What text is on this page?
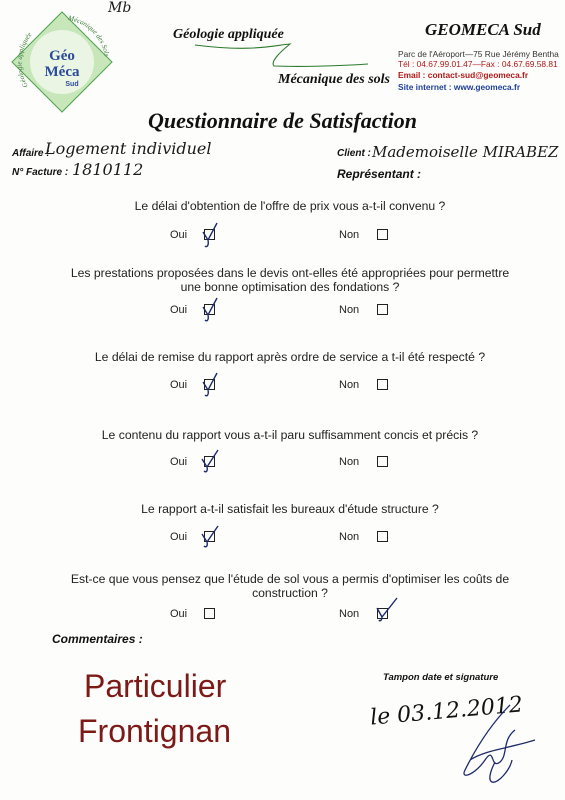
Géologie appliquée
Mécanique des Sols
Géo
Méca
Sud
Mb
Géologie appliquée
Mécanique des sols
GEOMECA Sud
Parc de l'Aéroport—75 Rue Jérémy Bentha
Tél : 04.67.99.01.47—Fax : 04.67.69.58.81
Email : contact-sud@geomeca.fr
Site internet : www.geomeca.fr
Questionnaire de Satisfaction
Affaire :
Logement individuel
N° Facture : 1810112
Client : Mademoiselle MIRABEZ
Représentant :
Le délai d'obtention de l'offre de prix vous a-t-il convenu ?
Oui	Non
Les prestations proposées dans le devis ont-elles été appropriées pour permettre une bonne optimisation des fondations ?
Oui	Non
Le délai de remise du rapport après ordre de service a t-il été respecté ?
Oui	Non
Le contenu du rapport vous a-t-il paru suffisamment concis et précis ?
Oui	Non
Le rapport a-t-il satisfait les bureaux d'étude structure ?
Oui	Non
Est-ce que vous pensez que l'étude de sol vous a permis d'optimiser les coûts de construction ?
Oui	Non
Commentaires :
Particulier
Frontignan
Tampon date et signature
le 03.12.2012
